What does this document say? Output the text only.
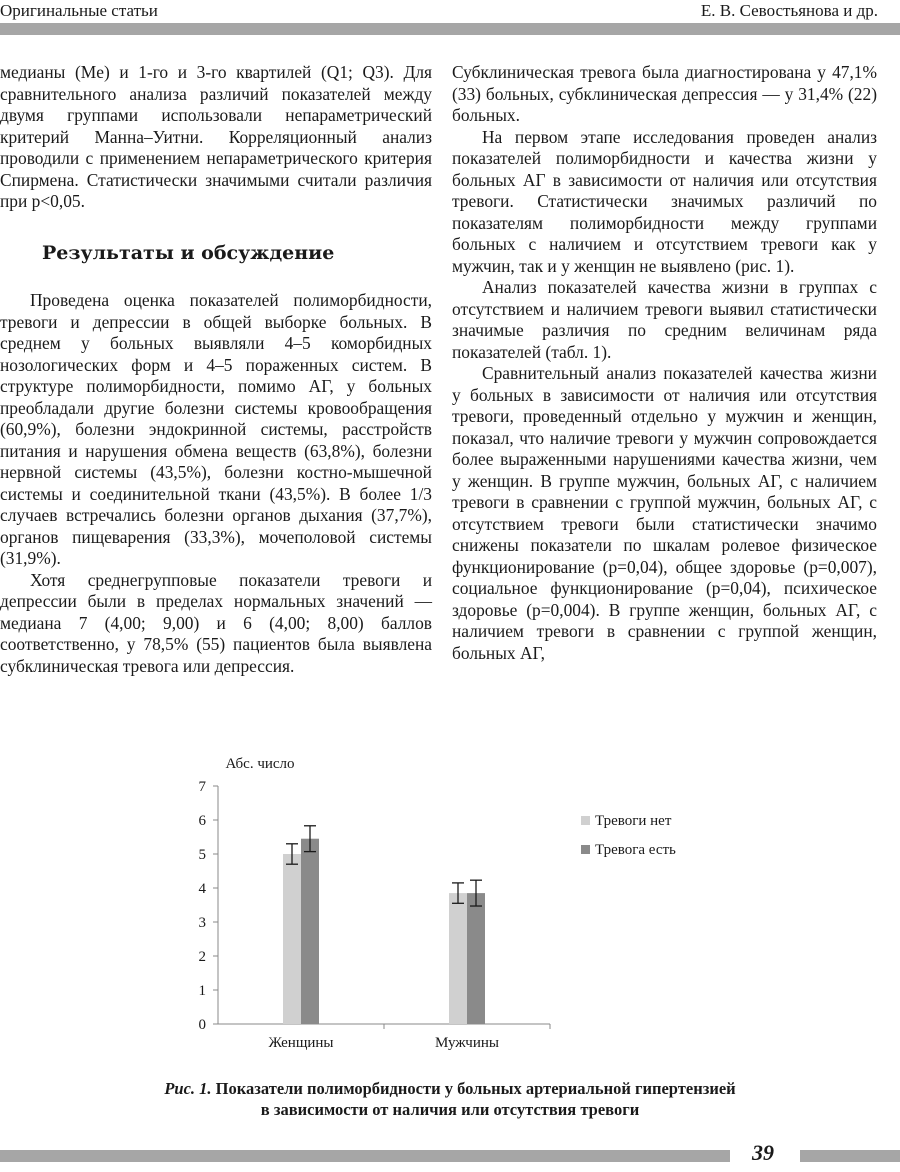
Оригинальные статьи	Е. В. Севостьянова и др.

медианы (Me) и 1-го и 3-го квартилей (Q1; Q3). Для сравнительного анализа различий показателей между двумя группами использовали непараметрический критерий Манна–Уитни. Корреляционный анализ проводили с применением непараметрического критерия Спирмена. Статистически значимыми считали различия при p<0,05.

Результаты и обсуждение

Проведена оценка показателей полиморбидности, тревоги и депрессии в общей выборке больных. В среднем у больных выявляли 4–5 коморбидных нозологических форм и 4–5 пораженных систем. В структуре полиморбидности, помимо АГ, у больных преобладали другие болезни системы кровообращения (60,9%), болезни эндокринной системы, расстройств питания и нарушения обмена веществ (63,8%), болезни нервной системы (43,5%), болезни костно-мышечной системы и соединительной ткани (43,5%). В более 1/3 случаев встречались болезни органов дыхания (37,7%), органов пищеварения (33,3%), мочеполовой системы (31,9%).

Хотя среднегрупповые показатели тревоги и депрессии были в пределах нормальных значений — медиана 7 (4,00; 9,00) и 6 (4,00; 8,00) баллов соответственно, у 78,5% (55) пациентов была выявлена субклиническая тревога или депрессия.

Субклиническая тревога была диагностирована у 47,1% (33) больных, субклиническая депрессия — у 31,4% (22) больных.

На первом этапе исследования проведен анализ показателей полиморбидности и качества жизни у больных АГ в зависимости от наличия или отсутствия тревоги. Статистически значимых различий по показателям полиморбидности между группами больных с наличием и отсутствием тревоги как у мужчин, так и у женщин не выявлено (рис. 1).

Анализ показателей качества жизни в группах с отсутствием и наличием тревоги выявил статистически значимые различия по средним величинам ряда показателей (табл. 1).

Сравнительный анализ показателей качества жизни у больных в зависимости от наличия или отсутствия тревоги, проведенный отдельно у мужчин и женщин, показал, что наличие тревоги у мужчин сопровождается более выраженными нарушениями качества жизни, чем у женщин. В группе мужчин, больных АГ, с наличием тревоги в сравнении с группой мужчин, больных АГ, с отсутствием тревоги были статистически значимо снижены показатели по шкалам ролевое физическое функционирование (p=0,04), общее здоровье (p=0,007), социальное функционирование (p=0,04), психическое здоровье (p=0,004). В группе женщин, больных АГ, с наличием тревоги в сравнении с группой женщин, больных АГ,

Абс. число
0
1
2
3
4
5
6
7
Женщины	Мужчины
Тревоги нет
Тревога есть
Рис. 1. Показатели полиморбидности у больных артериальной гипертензией
в зависимости от наличия или отсутствия тревоги
39
